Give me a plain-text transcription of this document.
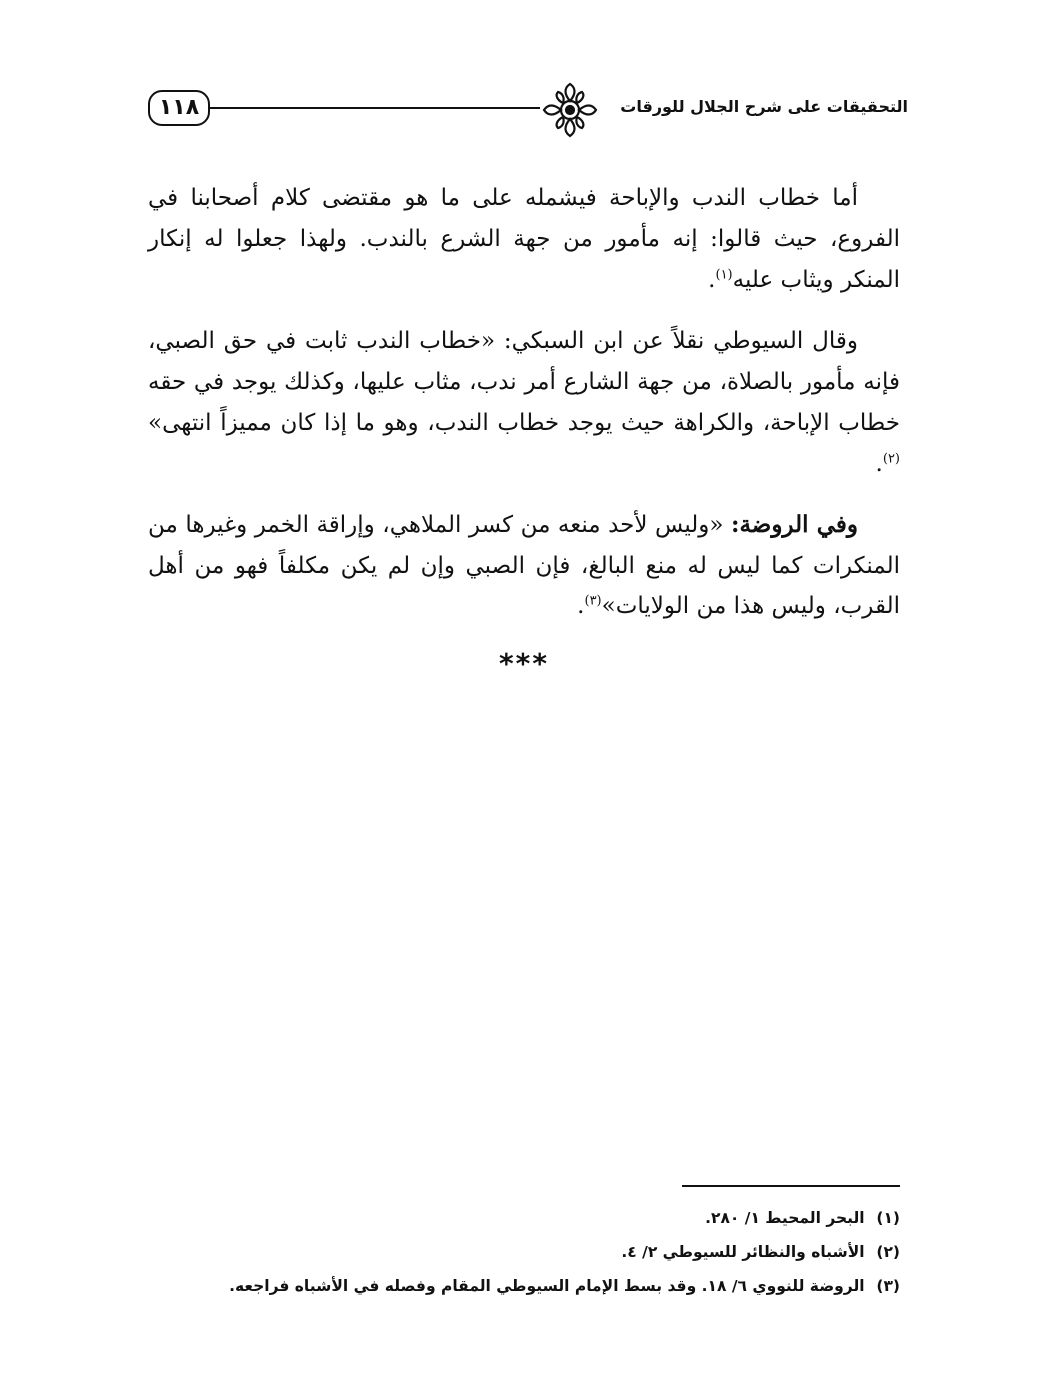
١١٨	التحقيقات على شرح الجلال للورقات

أما خطاب الندب والإباحة فيشمله على ما هو مقتضى كلام أصحابنا في الفروع، حيث قالوا: إنه مأمور من جهة الشرع بالندب. ولهذا جعلوا له إنكار المنكر ويثاب عليه$^{(١)}$.

وقال السيوطي نقلاً عن ابن السبكي: «خطاب الندب ثابت في حق الصبي، فإنه مأمور بالصلاة، من جهة الشارع أمر ندب، مثاب عليها، وكذلك يوجد في حقه خطاب الإباحة، والكراهة حيث يوجد خطاب الندب، وهو ما إذا كان مميزاً انتهى» $^{(٢)}$.

وفي الروضة: «وليس لأحد منعه من كسر الملاهي، وإراقة الخمر وغيرها من المنكرات كما ليس له منع البالغ، فإن الصبي وإن لم يكن مكلفاً فهو من أهل القرب، وليس هذا من الولايات»$^{(٣)}$.

***
(١) البحر المحيط ١/ ٢٨٠.
(٢) الأشباه والنظائر للسيوطي ٢/ ٤.
(٣) الروضة للنووي ٦/ ١٨. وقد بسط الإمام السيوطي المقام وفصله في الأشباه فراجعه.
